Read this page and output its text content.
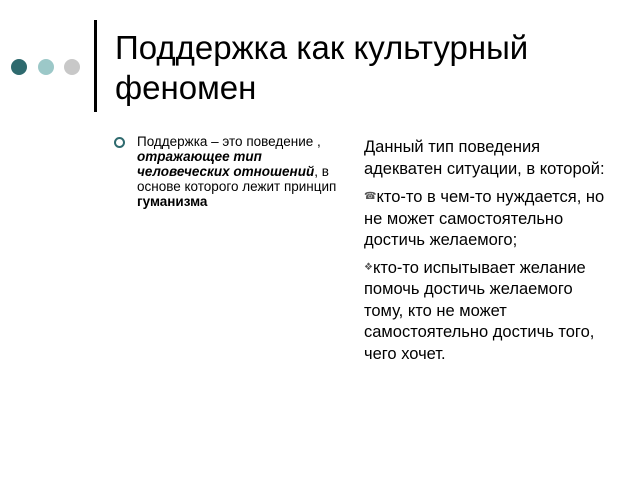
Поддержка как культурный
феномен
Поддержка – это поведение , отражающее тип человеческих отношений, в основе которого лежит принцип гуманизма

Данный тип поведения адекватен ситуации, в которой:

☎кто-то в чем-то нуждается, но не может самостоятельно достичь желаемого;

❖кто-то испытывает желание помочь достичь желаемого тому, кто не может самостоятельно достичь того, чего хочет.
